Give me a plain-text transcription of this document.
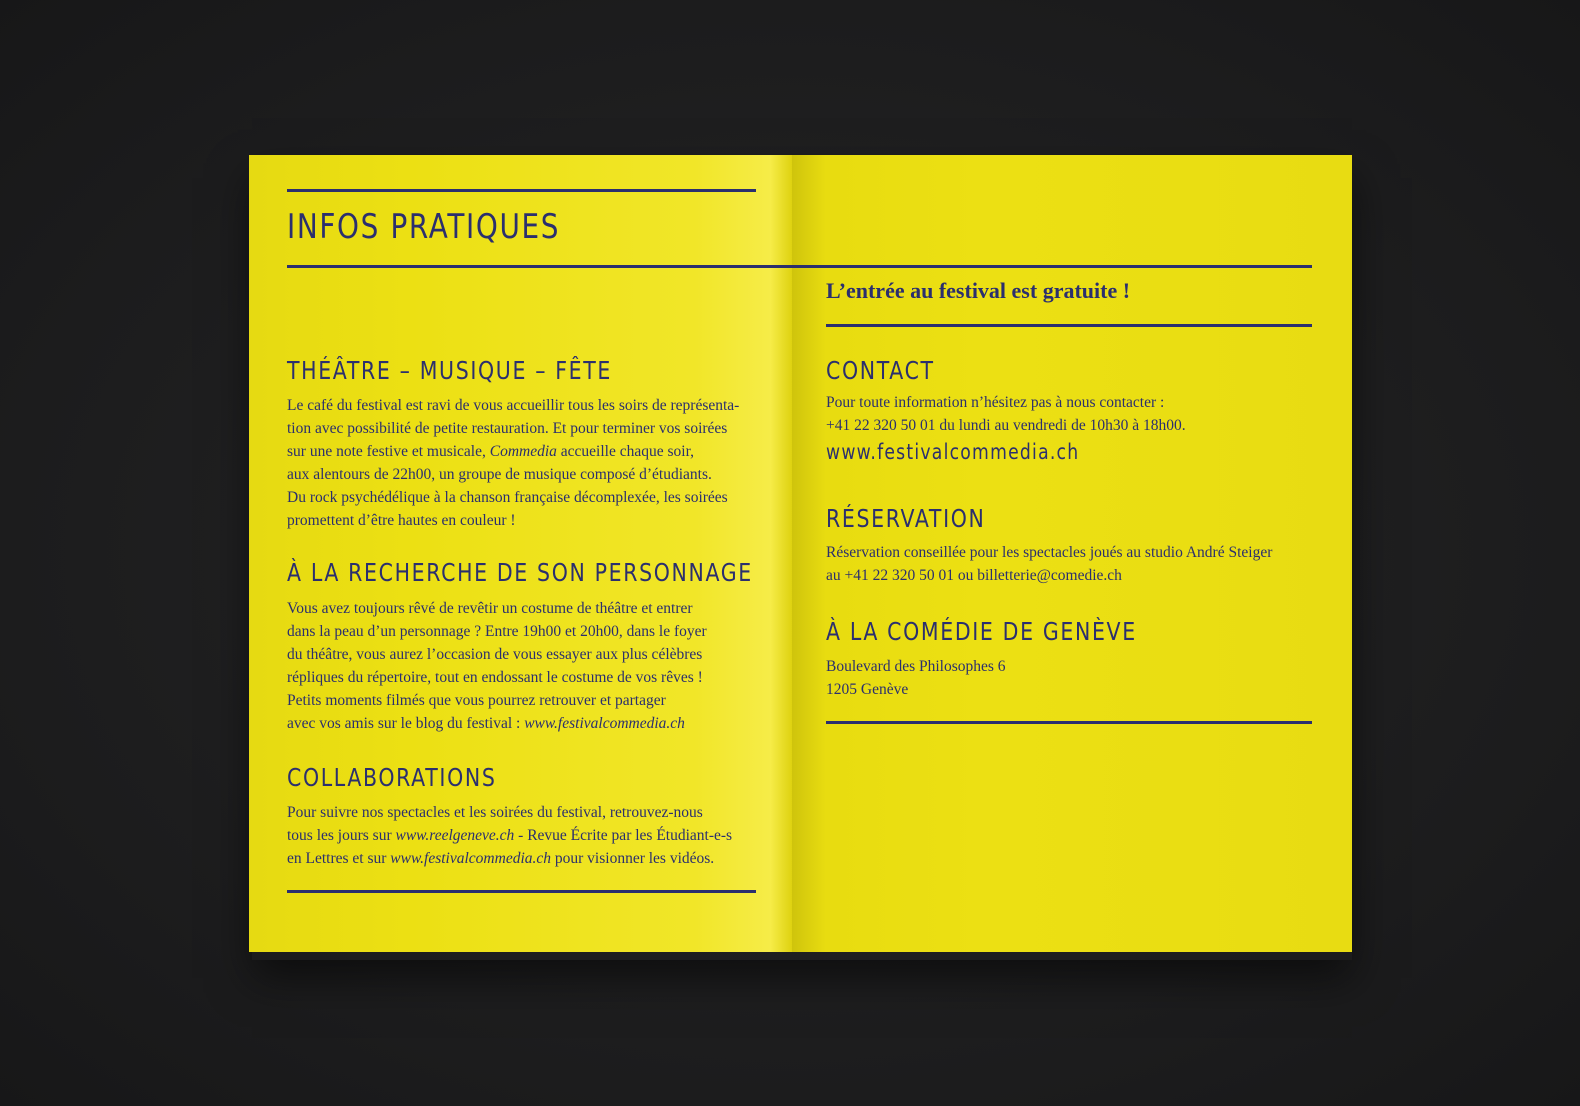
INFOS PRATIQUES
THÉÂTRE – MUSIQUE – FÊTE
Le café du festival est ravi de vous accueillir tous les soirs de représenta-
tion avec possibilité de petite restauration. Et pour terminer vos soirées
sur une note festive et musicale, Commedia accueille chaque soir,
aux alentours de 22h00, un groupe de musique composé d’étudiants.
Du rock psychédélique à la chanson française décomplexée, les soirées
promettent d’être hautes en couleur !
À LA RECHERCHE DE SON PERSONNAGE
Vous avez toujours rêvé de revêtir un costume de théâtre et entrer
dans la peau d’un personnage ? Entre 19h00 et 20h00, dans le foyer
du théâtre, vous aurez l’occasion de vous essayer aux plus célèbres
répliques du répertoire, tout en endossant le costume de vos rêves !
Petits moments filmés que vous pourrez retrouver et partager
avec vos amis sur le blog du festival : www.festivalcommedia.ch
COLLABORATIONS
Pour suivre nos spectacles et les soirées du festival, retrouvez-nous
tous les jours sur www.reelgeneve.ch - Revue Écrite par les Étudiant-e-s
en Lettres et sur www.festivalcommedia.ch pour visionner les vidéos.
L’entrée au festival est gratuite !
CONTACT
Pour toute information n’hésitez pas à nous contacter :
+41 22 320 50 01 du lundi au vendredi de 10h30 à 18h00.
www.festivalcommedia.ch
RÉSERVATION
Réservation conseillée pour les spectacles joués au studio André Steiger
au +41 22 320 50 01 ou billetterie@comedie.ch
À LA COMÉDIE DE GENÈVE
Boulevard des Philosophes 6
1205 Genève
